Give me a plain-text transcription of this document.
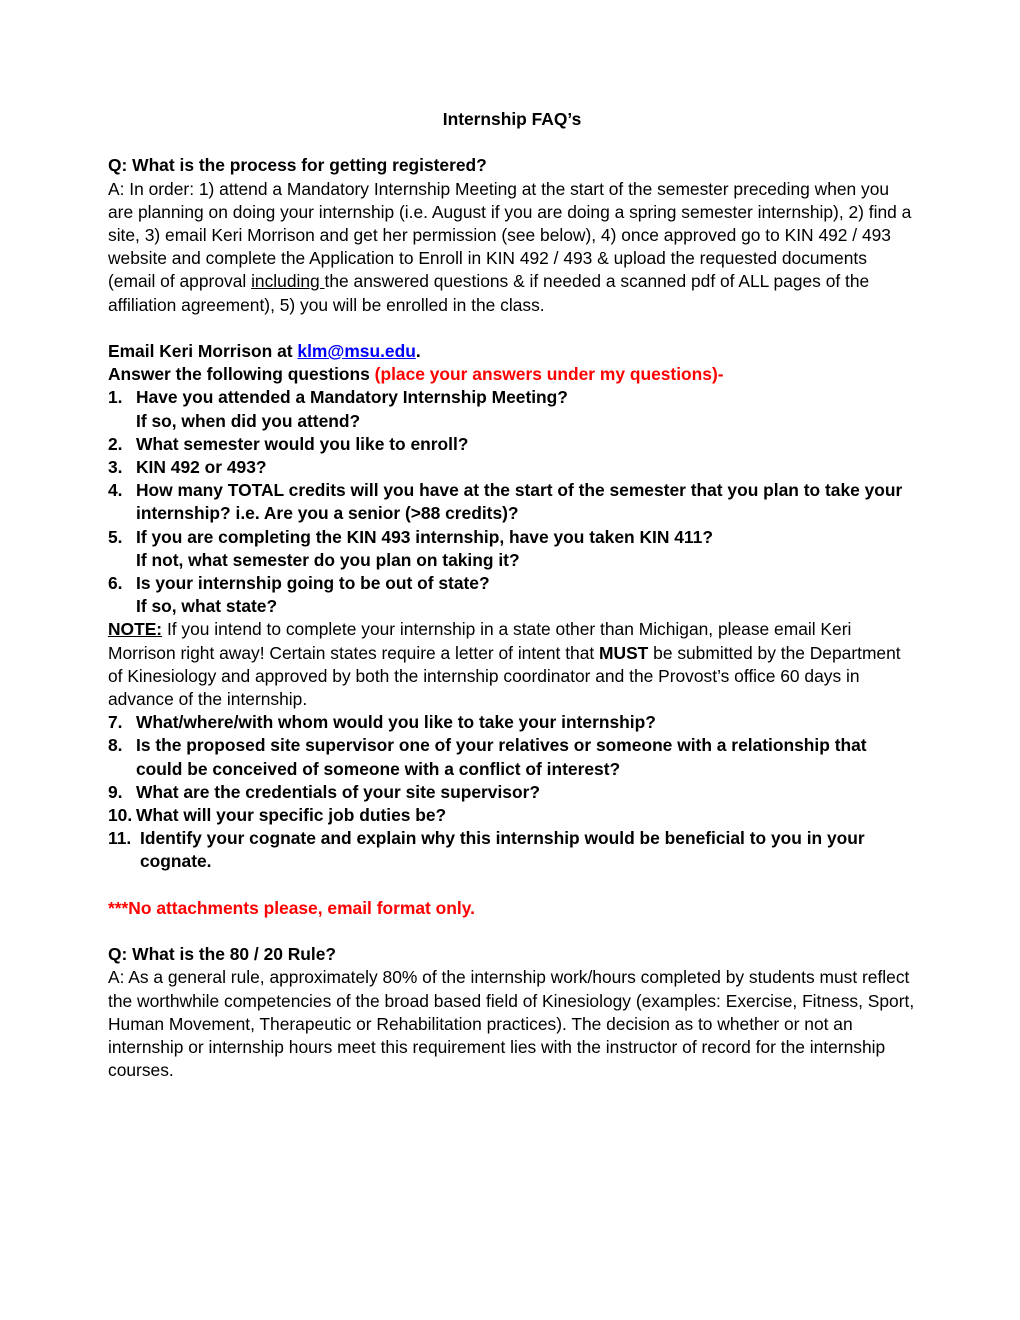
Internship FAQ’s

Q: What is the process for getting registered?

A: In order: 1) attend a Mandatory Internship Meeting at the start of the semester preceding when you are planning on doing your internship (i.e. August if you are doing a spring semester internship), 2) find a site, 3) email Keri Morrison and get her permission (see below), 4) once approved go to KIN 492 / 493 website and complete the Application to Enroll in KIN 492 / 493 & upload the requested documents (email of approval including the answered questions & if needed a scanned pdf of ALL pages of the affiliation agreement), 5) you will be enrolled in the class.

Email Keri Morrison at klm@msu.edu.

Answer the following questions (place your answers under my questions)-

1. Have you attended a Mandatory Internship Meeting?
If so, when did you attend?
2. What semester would you like to enroll?
3. KIN 492 or 493?
4. How many TOTAL credits will you have at the start of the semester that you plan to take your internship? i.e. Are you a senior (>88 credits)?
5. If you are completing the KIN 493 internship, have you taken KIN 411?
If not, what semester do you plan on taking it?
6. Is your internship going to be out of state?
If so, what state?

NOTE: If you intend to complete your internship in a state other than Michigan, please email Keri Morrison right away! Certain states require a letter of intent that MUST be submitted by the Department of Kinesiology and approved by both the internship coordinator and the Provost’s office 60 days in advance of the internship.

7. What/where/with whom would you like to take your internship?
8. Is the proposed site supervisor one of your relatives or someone with a relationship that could be conceived of someone with a conflict of interest?
9. What are the credentials of your site supervisor?
10. What will your specific job duties be?
11. Identify your cognate and explain why this internship would be beneficial to you in your cognate.

***No attachments please, email format only.

Q: What is the 80 / 20 Rule?

A: As a general rule, approximately 80% of the internship work/hours completed by students must reflect the worthwhile competencies of the broad based field of Kinesiology (examples: Exercise, Fitness, Sport, Human Movement, Therapeutic or Rehabilitation practices). The decision as to whether or not an internship or internship hours meet this requirement lies with the instructor of record for the internship courses.
